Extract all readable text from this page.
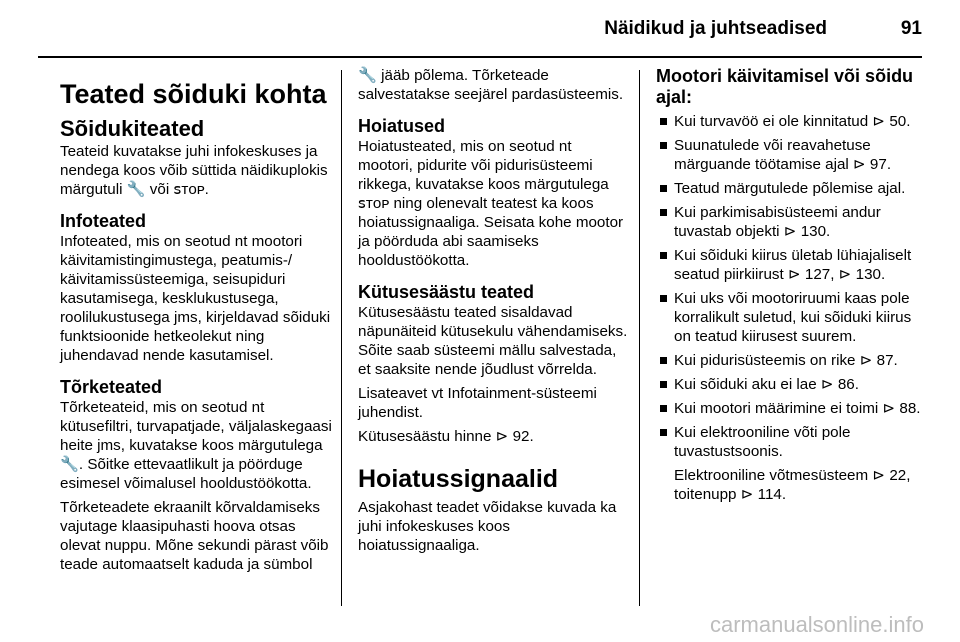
Näidikud ja juhtseadised	91
Teated sõiduki kohta
Sõidukiteated

Teateid kuvatakse juhi infokeskuses ja nendega koos võib süttida näidikuplokis märgutuli 🔧 või ꜱᴛᴏᴘ.

Infoteated

Infoteated, mis on seotud nt mootori käivitamistingimustega, peatumis-/ käivitamissüsteemiga, seisupiduri kasutamisega, kesklukustusega, roolilukustusega jms, kirjeldavad sõiduki funktsioonide hetkeolekut ning juhendavad nende kasutamisel.

Tõrketeated

Tõrketeateid, mis on seotud nt kütusefiltri, turvapatjade, väljalaskegaasi heite jms, kuvatakse koos märgutulega 🔧. Sõitke ettevaatlikult ja pöörduge esimesel võimalusel hooldustöökotta.

Tõrketeadete ekraanilt kõrvaldamiseks vajutage klaasipuhasti hoova otsas olevat nuppu. Mõne sekundi pärast võib teade automaatselt kaduda ja sümbol

🔧 jääb põlema. Tõrketeade salvestatakse seejärel pardasüsteemis.

Hoiatused

Hoiatusteated, mis on seotud nt mootori, pidurite või pidurisüsteemi rikkega, kuvatakse koos märgutulega ꜱᴛᴏᴘ ning olenevalt teatest ka koos hoiatussignaaliga. Seisata kohe mootor ja pöörduda abi saamiseks hooldustöökotta.

Kütusesäästu teated

Kütusesäästu teated sisaldavad näpunäiteid kütusekulu vähendamiseks. Sõite saab süsteemi mällu salvestada, et saaksite nende jõudlust võrrelda.

Lisateavet vt Infotainment-süsteemi juhendist.

Kütusesäästu hinne ⊳ 92.

Hoiatussignaalid

Asjakohast teadet võidakse kuvada ka juhi infokeskuses koos hoiatussignaaliga.

Mootori käivitamisel või sõidu ajal:
Kui turvavöö ei ole kinnitatud ⊳ 50.
Suunatulede või reavahetuse märguande töötamise ajal ⊳ 97.
Teatud märgutulede põlemise ajal.
Kui parkimisabisüsteemi andur tuvastab objekti ⊳ 130.
Kui sõiduki kiirus ületab lühiajaliselt seatud piirkiirust ⊳ 127, ⊳ 130.
Kui uks või mootoriruumi kaas pole korralikult suletud, kui sõiduki kiirus on teatud kiirusest suurem.
Kui pidurisüsteemis on rike ⊳ 87.
Kui sõiduki aku ei lae ⊳ 86.
Kui mootori määrimine ei toimi ⊳ 88.
Kui elektrooniline võti pole tuvastustsoonis.

Elektrooniline võtmesüsteem ⊳ 22, toitenupp ⊳ 114.

carmanualsonline.info
